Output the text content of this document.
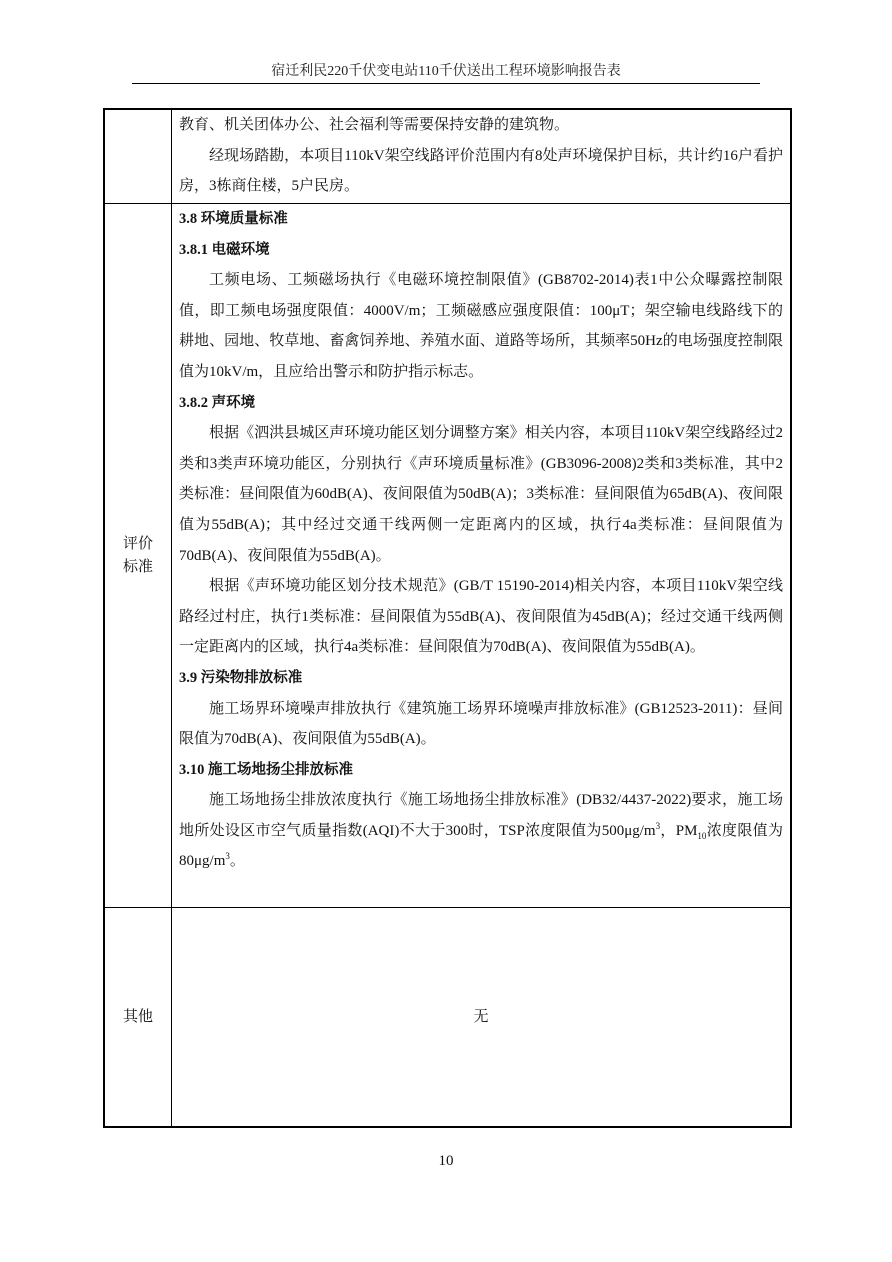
宿迁利民220千伏变电站110千伏送出工程环境影响报告表

教育、机关团体办公、社会福利等需要保持安静的建筑物。

经现场踏勘，本项目110kV架空线路评价范围内有8处声环境保护目标，共计约16户看护房，3栋商住楼，5户民房。

评价
标准

3.8 环境质量标准

3.8.1 电磁环境

工频电场、工频磁场执行《电磁环境控制限值》(GB8702-2014)表1中公众曝露控制限值，即工频电场强度限值：4000V/m；工频磁感应强度限值：100μT；架空输电线路线下的耕地、园地、牧草地、畜禽饲养地、养殖水面、道路等场所，其频率50Hz的电场强度控制限值为10kV/m，且应给出警示和防护指示标志。

3.8.2 声环境

根据《泗洪县城区声环境功能区划分调整方案》相关内容，本项目110kV架空线路经过2类和3类声环境功能区，分别执行《声环境质量标准》(GB3096-2008)2类和3类标准，其中2类标准：昼间限值为60dB(A)、夜间限值为50dB(A)；3类标准：昼间限值为65dB(A)、夜间限值为55dB(A)；其中经过交通干线两侧一定距离内的区域，执行4a类标准：昼间限值为70dB(A)、夜间限值为55dB(A)。

根据《声环境功能区划分技术规范》(GB/T 15190-2014)相关内容，本项目110kV架空线路经过村庄，执行1类标准：昼间限值为55dB(A)、夜间限值为45dB(A)；经过交通干线两侧一定距离内的区域，执行4a类标准：昼间限值为70dB(A)、夜间限值为55dB(A)。

3.9 污染物排放标准

施工场界环境噪声排放执行《建筑施工场界环境噪声排放标准》(GB12523-2011)：昼间限值为70dB(A)、夜间限值为55dB(A)。

3.10 施工场地扬尘排放标准

施工场地扬尘排放浓度执行《施工场地扬尘排放标准》(DB32/4437-2022)要求，施工场地所处设区市空气质量指数(AQI)不大于300时，TSP浓度限值为$500\mu g/m^3$，$PM_{10}$浓度限值为$80\mu g/m^3$。

其他	无
10
